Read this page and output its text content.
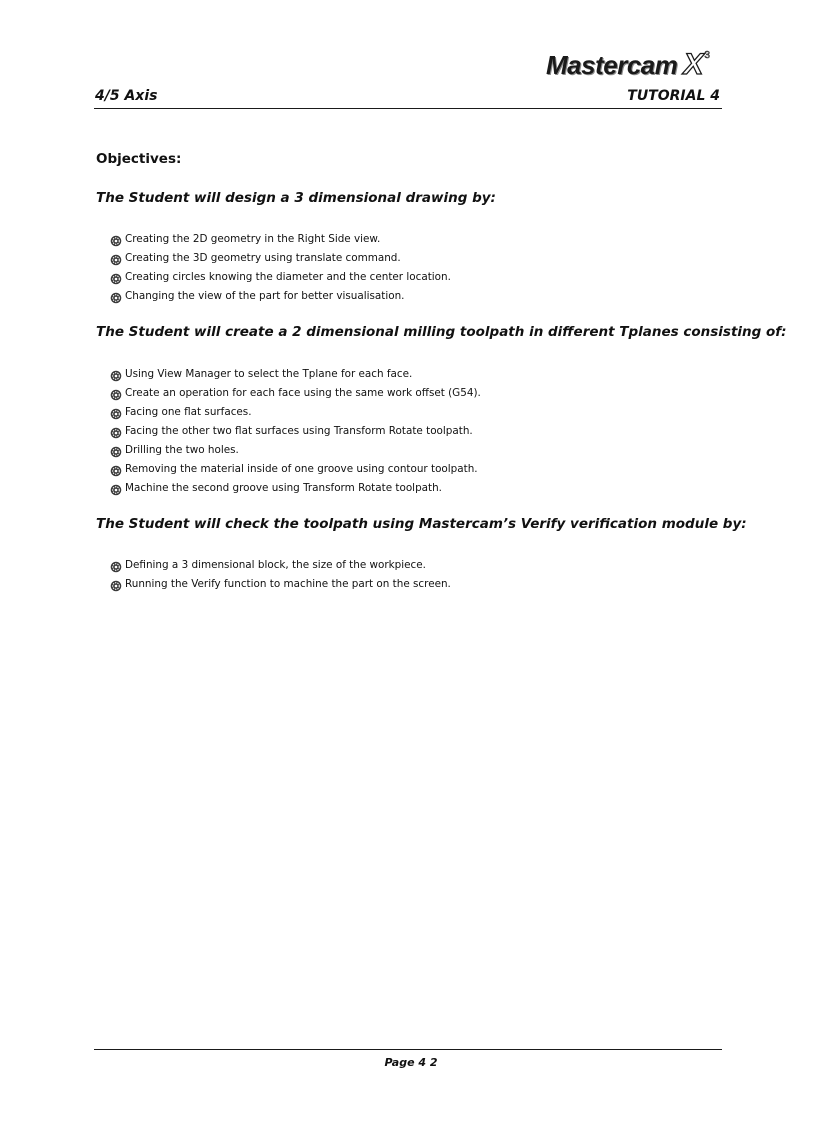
Mastercam X 3
4/5 Axis	TUTORIAL 4
Objectives:
The Student will design a 3 dimensional drawing by:
Creating the 2D geometry in the Right Side view.
Creating the 3D geometry using translate command.
Creating circles knowing the diameter and the center location.
Changing the view of the part for better visualisation.
The Student will create a 2 dimensional milling toolpath in different Tplanes consisting of:
Using View Manager to select the Tplane for each face.
Create an operation for each face using the same work offset (G54).
Facing one flat surfaces.
Facing the other two flat surfaces using Transform Rotate toolpath.
Drilling the two holes.
Removing the material inside of one groove using contour toolpath.
Machine the second groove using Transform Rotate toolpath.
The Student will check the toolpath using Mastercam’s Verify verification module by:
Defining a 3 dimensional block, the size of the workpiece.
Running the Verify function to machine the part on the screen.
Page 4 2
